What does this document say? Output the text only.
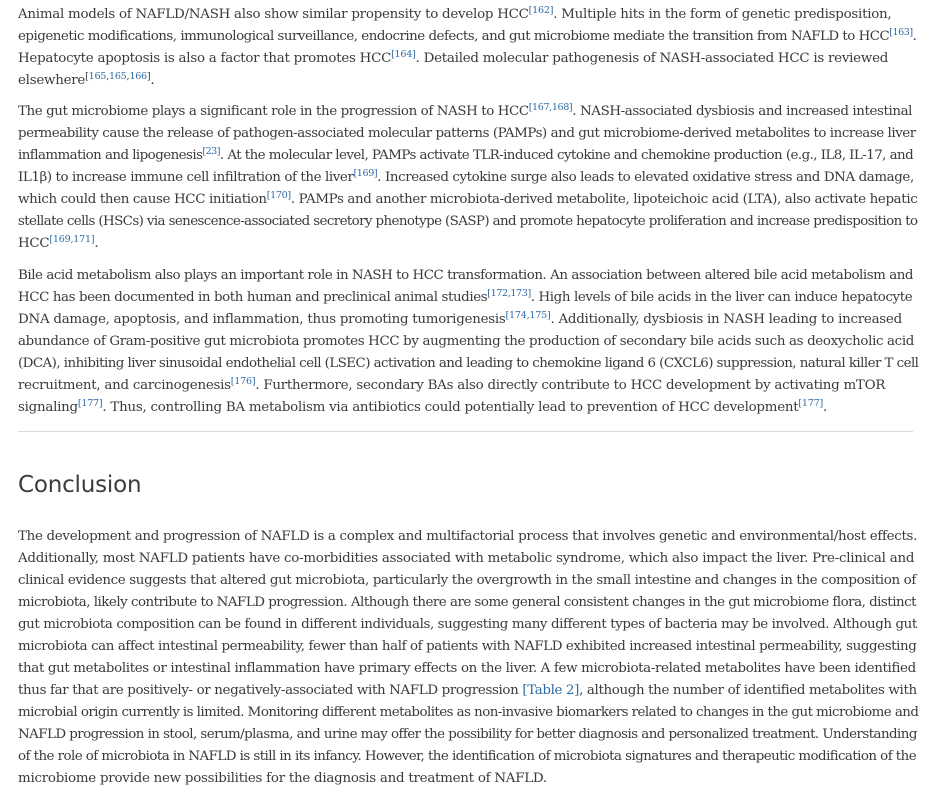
Animal models of NAFLD/NASH also show similar propensity to develop HCC[162]. Multiple hits in the form of genetic predisposition,
epigenetic modifications, immunological surveillance, endocrine defects, and gut microbiome mediate the transition from NAFLD to HCC[163].
Hepatocyte apoptosis is also a factor that promotes HCC[164]. Detailed molecular pathogenesis of NASH-associated HCC is reviewed
elsewhere[165,165,166].

The gut microbiome plays a significant role in the progression of NASH to HCC[167,168]. NASH-associated dysbiosis and increased intestinal
permeability cause the release of pathogen-associated molecular patterns (PAMPs) and gut microbiome-derived metabolites to increase liver
inflammation and lipogenesis[23]. At the molecular level, PAMPs activate TLR-induced cytokine and chemokine production (e.g., IL8, IL-17, and
IL1β) to increase immune cell infiltration of the liver[169]. Increased cytokine surge also leads to elevated oxidative stress and DNA damage,
which could then cause HCC initiation[170]. PAMPs and another microbiota-derived metabolite, lipoteichoic acid (LTA), also activate hepatic
stellate cells (HSCs) via senescence-associated secretory phenotype (SASP) and promote hepatocyte proliferation and increase predisposition to
HCC[169,171].

Bile acid metabolism also plays an important role in NASH to HCC transformation. An association between altered bile acid metabolism and
HCC has been documented in both human and preclinical animal studies[172,173]. High levels of bile acids in the liver can induce hepatocyte
DNA damage, apoptosis, and inflammation, thus promoting tumorigenesis[174,175]. Additionally, dysbiosis in NASH leading to increased
abundance of Gram-positive gut microbiota promotes HCC by augmenting the production of secondary bile acids such as deoxycholic acid
(DCA), inhibiting liver sinusoidal endothelial cell (LSEC) activation and leading to chemokine ligand 6 (CXCL6) suppression, natural killer T cell
recruitment, and carcinogenesis[176]. Furthermore, secondary BAs also directly contribute to HCC development by activating mTOR
signaling[177]. Thus, controlling BA metabolism via antibiotics could potentially lead to prevention of HCC development[177].

Conclusion

The development and progression of NAFLD is a complex and multifactorial process that involves genetic and environmental/host effects.
Additionally, most NAFLD patients have co-morbidities associated with metabolic syndrome, which also impact the liver. Pre-clinical and
clinical evidence suggests that altered gut microbiota, particularly the overgrowth in the small intestine and changes in the composition of
microbiota, likely contribute to NAFLD progression. Although there are some general consistent changes in the gut microbiome flora, distinct
gut microbiota composition can be found in different individuals, suggesting many different types of bacteria may be involved. Although gut
microbiota can affect intestinal permeability, fewer than half of patients with NAFLD exhibited increased intestinal permeability, suggesting
that gut metabolites or intestinal inflammation have primary effects on the liver. A few microbiota-related metabolites have been identified
thus far that are positively- or negatively-associated with NAFLD progression [Table 2], although the number of identified metabolites with
microbial origin currently is limited. Monitoring different metabolites as non-invasive biomarkers related to changes in the gut microbiome and
NAFLD progression in stool, serum/plasma, and urine may offer the possibility for better diagnosis and personalized treatment. Understanding
of the role of microbiota in NAFLD is still in its infancy. However, the identification of microbiota signatures and therapeutic modification of the
microbiome provide new possibilities for the diagnosis and treatment of NAFLD.
